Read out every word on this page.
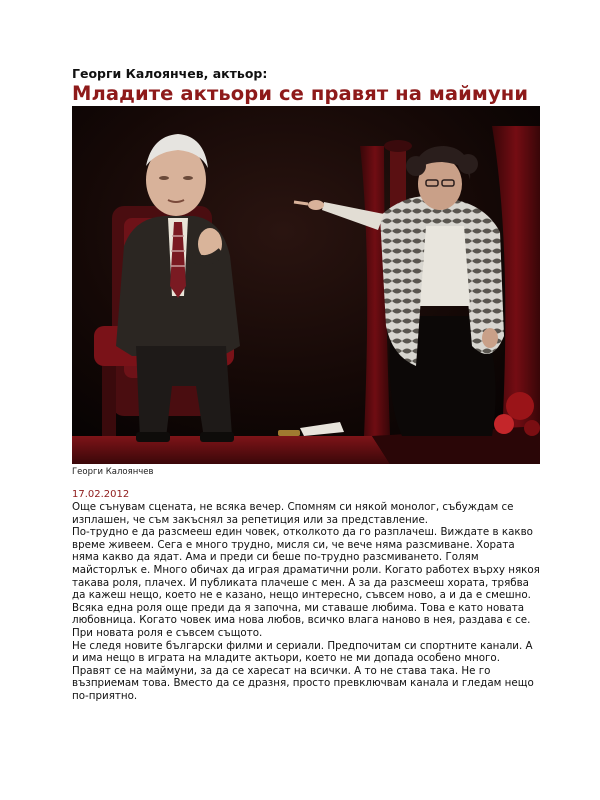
Георги Калоянчев, актьор:
Младите актьори се правят на маймуни
Георги Калоянчев
17.02.2012

Още сънувам сцената, не всяка вечер. Спомням си някой монолог, събуждам се изплашен, че съм закъснял за репетиция или за представление.

По-трудно е да разсмееш един човек, отколкото да го разплачеш. Виждате в какво време живеем. Сега е много трудно, мисля си, че вече няма разсмиване. Хората няма какво да ядат. Ама и преди си беше по-трудно разсмиването. Голям майсторлък е. Много обичах да играя драматични роли. Когато работех върху някоя такава роля, плачех. И публиката плачеше с мен. А за да разсмееш хората, трябва да кажеш нещо, което не е казано, нещо интересно, съвсем ново, а и да е смешно.

Всяка една роля още преди да я започна, ми ставаше любима. Това е като новата любовница. Когато човек има нова любов, всичко влага наново в нея, раздава є се. При новата роля е съвсем същото.

Не следя новите български филми и сериали. Предпочитам си спортните канали. А и има нещо в играта на младите актьори, което не ми допада особено много. Правят се на маймуни, за да се харесат на всички. А то не става така. Не го възприемам това. Вместо да се дразня, просто превключвам канала и гледам нещо по-приятно.
